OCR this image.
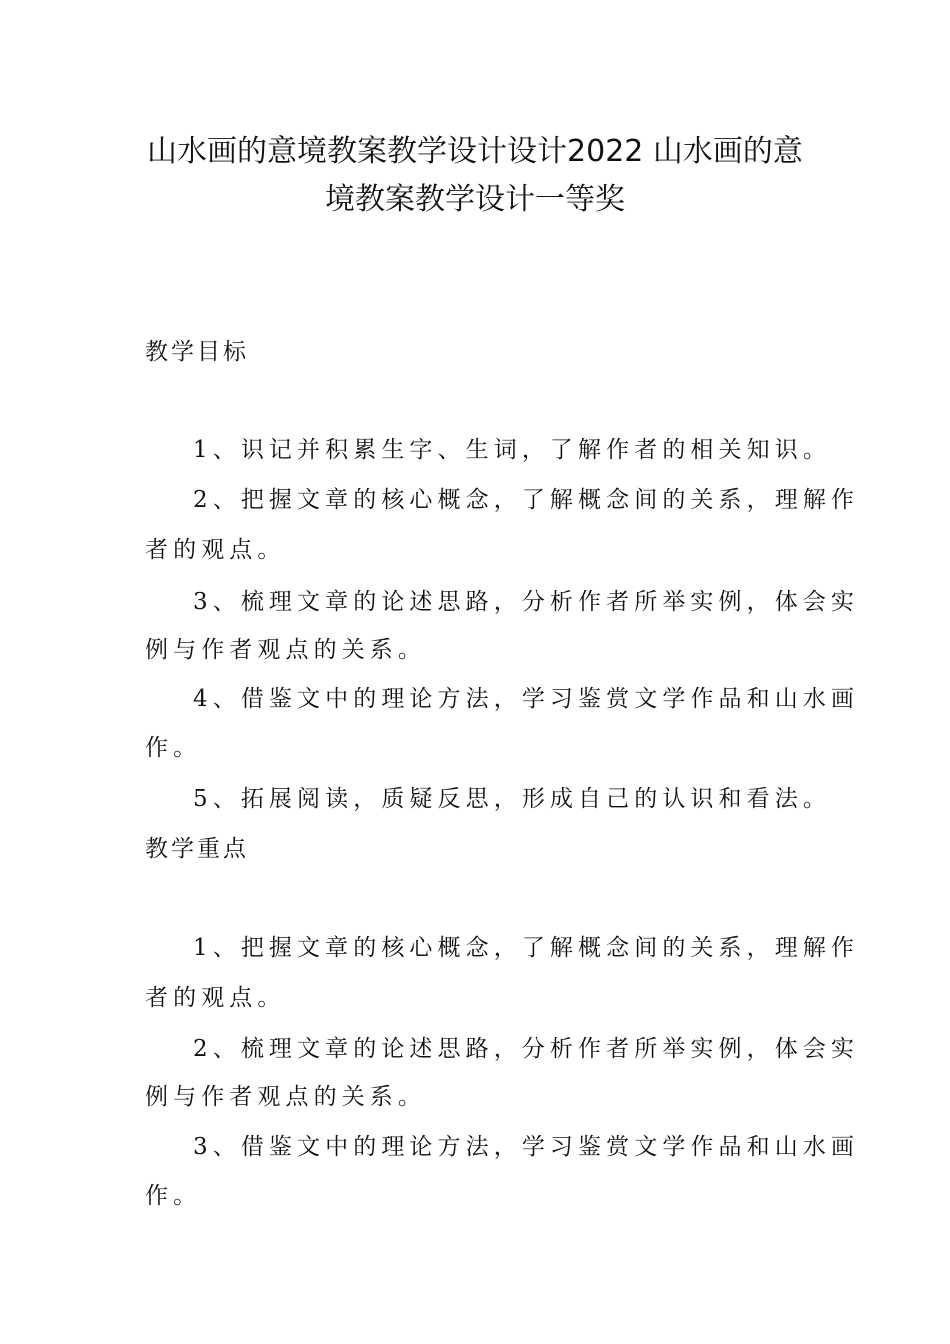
山水画的意境教案教学设计设计2022 山水画的意
境教案教学设计一等奖
教学目标
1、识记并积累生字、生词，了解作者的相关知识。
2、把握文章的核心概念，了解概念间的关系，理解作
者的观点。
3、梳理文章的论述思路，分析作者所举实例，体会实
例与作者观点的关系。
4、借鉴文中的理论方法，学习鉴赏文学作品和山水画
作。
5、拓展阅读，质疑反思，形成自己的认识和看法。
教学重点
1、把握文章的核心概念，了解概念间的关系，理解作
者的观点。
2、梳理文章的论述思路，分析作者所举实例，体会实
例与作者观点的关系。
3、借鉴文中的理论方法，学习鉴赏文学作品和山水画
作。
